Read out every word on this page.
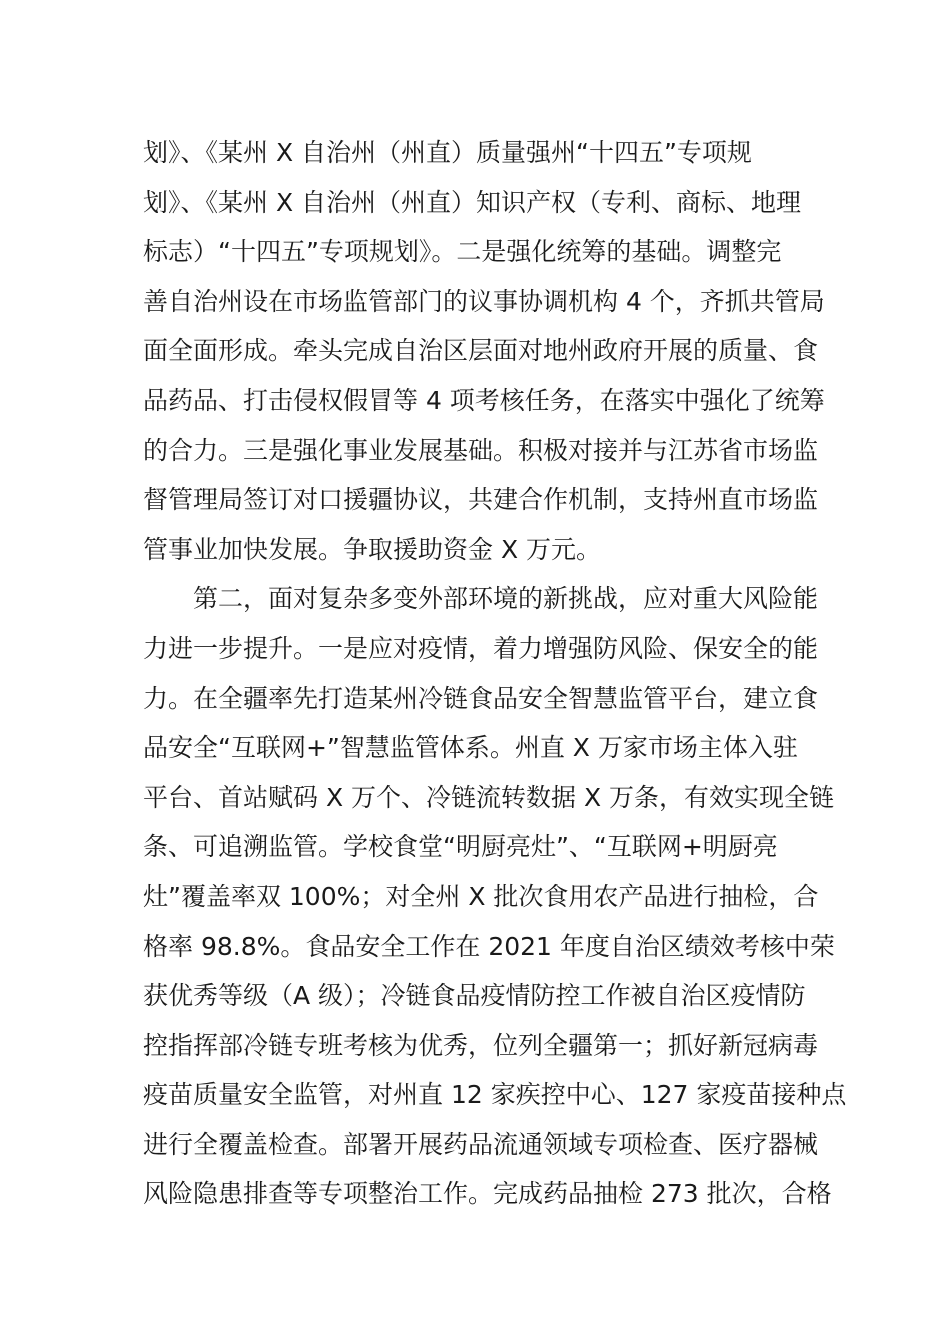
划》、《某州 X 自治州（州直）质量强州“十四五”专项规
划》、《某州 X 自治州（州直）知识产权（专利、商标、地理
标志）“十四五”专项规划》。二是强化统筹的基础。调整完
善自治州设在市场监管部门的议事协调机构 4 个，齐抓共管局
面全面形成。牵头完成自治区层面对地州政府开展的质量、食
品药品、打击侵权假冒等 4 项考核任务，在落实中强化了统筹
的合力。三是强化事业发展基础。积极对接并与江苏省市场监
督管理局签订对口援疆协议，共建合作机制，支持州直市场监
管事业加快发展。争取援助资金 X 万元。
第二，面对复杂多变外部环境的新挑战，应对重大风险能
力进一步提升。一是应对疫情，着力增强防风险、保安全的能
力。在全疆率先打造某州冷链食品安全智慧监管平台，建立食
品安全“互联网+”智慧监管体系。州直 X 万家市场主体入驻
平台、首站赋码 X 万个、冷链流转数据 X 万条，有效实现全链
条、可追溯监管。学校食堂“明厨亮灶”、“互联网+明厨亮
灶”覆盖率双 100%；对全州 X 批次食用农产品进行抽检，合
格率 98.8%。食品安全工作在 2021 年度自治区绩效考核中荣
获优秀等级（A 级）；冷链食品疫情防控工作被自治区疫情防
控指挥部冷链专班考核为优秀，位列全疆第一；抓好新冠病毒
疫苗质量安全监管，对州直 12 家疾控中心、127 家疫苗接种点
进行全覆盖检查。部署开展药品流通领域专项检查、医疗器械
风险隐患排查等专项整治工作。完成药品抽检 273 批次，合格
